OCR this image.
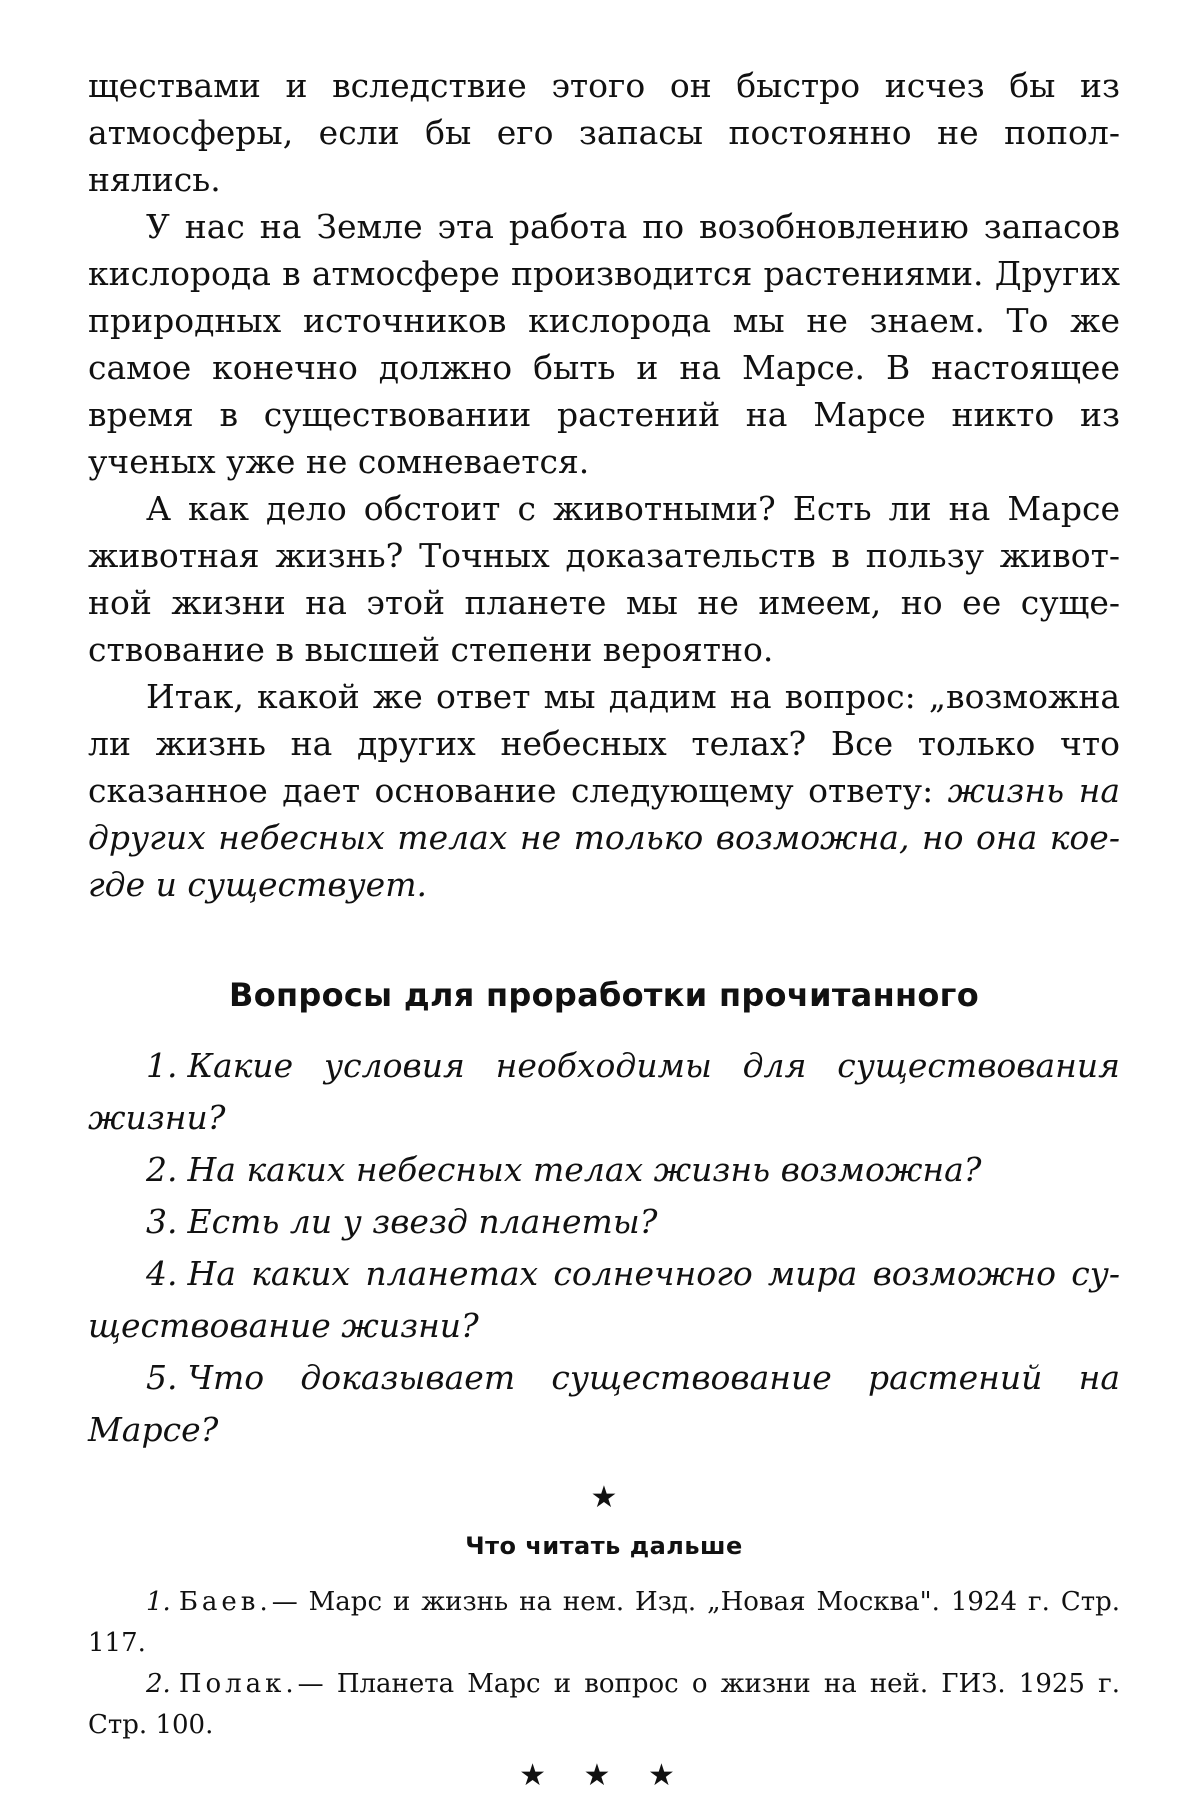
ществами и вследствие этого он быстро исчез бы из атмосферы, если бы его запасы постоянно не пополнялись.

У нас на Земле эта работа по возобновлению запасов кислорода в атмосфере производится растениями. Других природных источников кислорода мы не знаем. То же самое конечно должно быть и на Марсе. В настоящее время в существовании растений на Марсе никто из ученых уже не сомневается.

А как дело обстоит с животными? Есть ли на Марсе животная жизнь? Точных доказательств в пользу животной жизни на этой планете мы не имеем, но ее существование в высшей степени вероятно.

Итак, какой же ответ мы дадим на вопрос: „возможна ли жизнь на других небесных телах? Все только что сказанное дает основание следующему ответу: жизнь на других небесных телах не только возможна, но она коегде и существует.

Вопросы для проработки прочитанного
1. Какие условия необходимы для существования жизни?
2. На каких небесных телах жизнь возможна?
3. Есть ли у звезд планеты?
4. На каких планетах солнечного мира возможно существование жизни?
5. Что доказывает существование растений на Марсе?
★
Что читать дальше
1. Баев.— Марс и жизнь на нем. Изд. „Новая Москва". 1924 г. Стр. 117.
2. Полак.— Планета Марс и вопрос о жизни на ней. ГИЗ. 1925 г. Стр. 100.
★ ★ ★
